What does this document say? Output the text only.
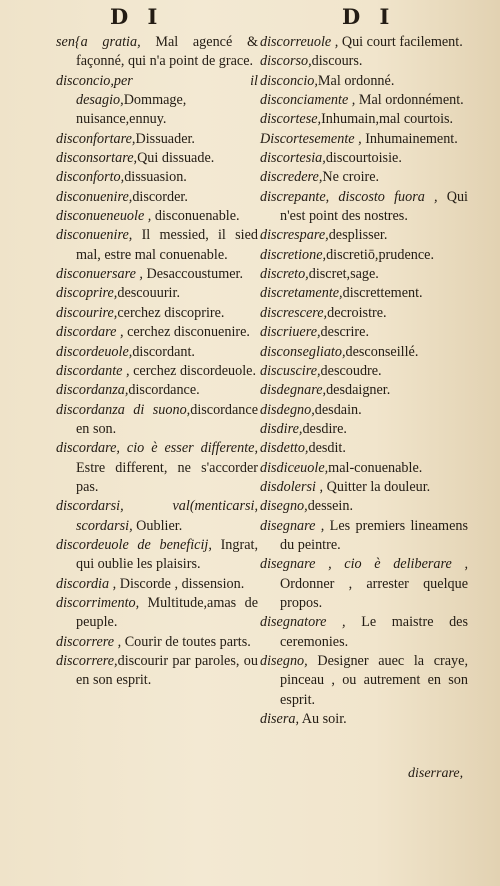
D I	D I

sen{a gratia, Mal agencé & façonné, qui n'a point de grace.

disconcio,per il desagio,Dommage, nuisance,ennuy.

disconfortare,Dissuader.

disconsortare,Qui dissuade.

disconforto,dissuasion.

disconuenire,discorder.

disconueneuole , disconuenable.

disconuenire, Il messied, il sied mal, estre mal conuenable.

disconuersare , Desaccoustumer.

discoprire,descouurir.

discourire,cerchez discoprire.

discordare , cerchez disconuenire.

discordeuole,discordant.

discordante , cerchez discordeuole.

discordanza,discordance.

discordanza di suono,discordance en son.

discordare, cio è esser differente, Estre different, ne s'accorder pas.

discordarsi, val(menticarsi, scordarsi, Oublier.

discordeuole de beneficij, Ingrat, qui oublie les plaisirs.

discordia , Discorde , dissension.

discorrimento, Multitude,amas de peuple.

discorrere , Courir de toutes parts.

discorrere,discourir par paroles, ou en son esprit.

discorreuole , Qui court facilement.

discorso,discours.

disconcio,Mal ordonné.

disconciamente , Mal ordonnément.

discortese,Inhumain,mal courtois.

Discortesemente , Inhumainement.

discortesia,discourtoisie.

discredere,Ne croire.

discrepante, discosto fuora , Qui n'est point des nostres.

discrespare,desplisser.

discretione,discretiō,prudence.

discreto,discret,sage.

discretamente,discrettement.

discrescere,decroistre.

discriuere,descrire.

disconsegliato,desconseillé.

discuscire,descoudre.

disdegnare,desdaigner.

disdegno,desdain.

disdire,desdire.

disdetto,desdit.

disdiceuole,mal-conuenable.

disdolersi , Quitter la douleur.

disegno,dessein.

disegnare , Les premiers lineamens du peintre.

disegnare , cio è deliberare , Ordonner , arrester quelque propos.

disegnatore , Le maistre des ceremonies.

disegno, Designer auec la craye, pinceau , ou autrement en son esprit.

disera, Au soir.

diserrare,
